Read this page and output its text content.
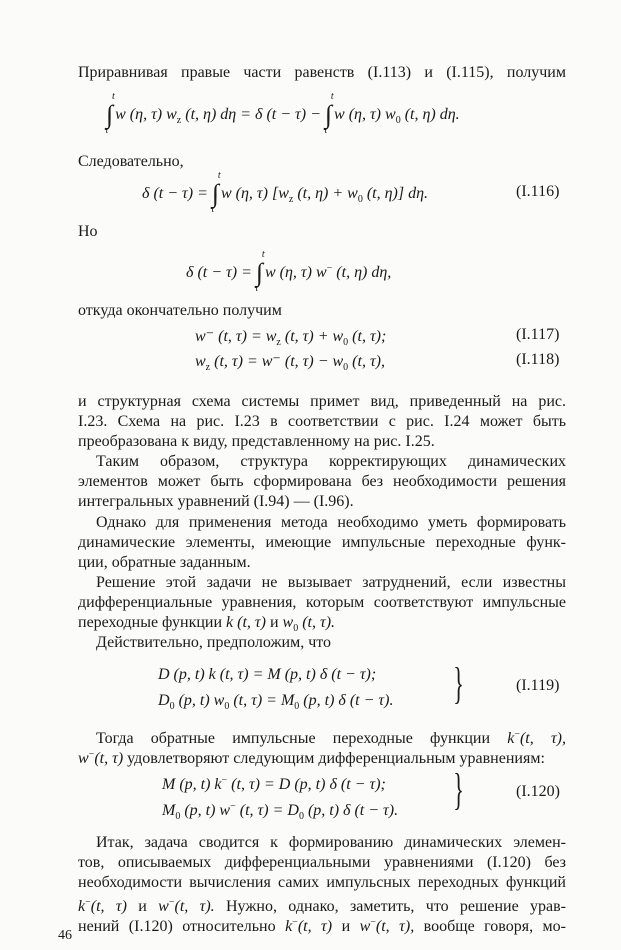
Приравнивая правые части равенств (I.113) и (I.115), получим
∫
t
τ
w (η, τ) $w_z$ (t, η) dη = δ (t − τ) − ∫
t
τ
w (η, τ) $w_0$ (t, η) dη.
Следовательно,
δ (t − τ) = ∫
t
τ
w (η, τ) [$w_z$ (t, $\eta) + w_0$ (t, η)] dη.	(I.116)
Но
δ (t − τ) = ∫
t
τ
w (η, τ) w− (t, η) dη,
откуда окончательно получим
w⁻ (t, $\tau) = w_z$ (t, $\tau) + w_0$ (t, τ);	(I.117)
$w_z$ (t, τ) = w⁻ (t, $\tau) - w_0$ (t, τ),	(I.118)
и структурная схема системы примет вид, приведенный на рис.
I.23. Схема на рис. I.23 в соответствии с рис. I.24 может быть
преобразована к виду, представленному на рис. I.25.
Таким образом, структура корректирующих динамических
элементов может быть сформирована без необходимости решения
интегральных уравнений (I.94) — (I.96).
Однако для применения метода необходимо уметь формировать
динамические элементы, имеющие импульсные переходные функ-
ции, обратные заданным.
Решение этой задачи не вызывает затруднений, если известны
дифференциальные уравнения, которым соответствуют импульсные
переходные функции k (t, τ) и $w_0$ (t, τ).
Действительно, предположим, что
D (p, t) k (t, τ) = M (p, t) δ (t − τ);
$D_0$ (p, t) $w_0$ (t, $\tau) = M_0$ (p, t) δ (t − τ). }	(I.119)
Тогда обратные импульсные переходные функции k−(t, τ),
w−(t, τ) удовлетворяют следующим дифференциальным уравнениям:
M (p, t) k− (t, τ) = D (p, t) δ (t − τ);
$M_0$ (p, t) w− (t, $\tau) = D_0$ (p, t) δ (t − τ). }	(I.120)
Итак, задача сводится к формированию динамических элемен-
тов, описываемых дифференциальными уравнениями (I.120) без
необходимости вычисления самих импульсных переходных функций
k−(t, τ) и w−(t, τ). Нужно, однако, заметить, что решение урав-
нений (I.120) относительно k−(t, τ) и w−(t, τ), вообще говоря, мо-
46
